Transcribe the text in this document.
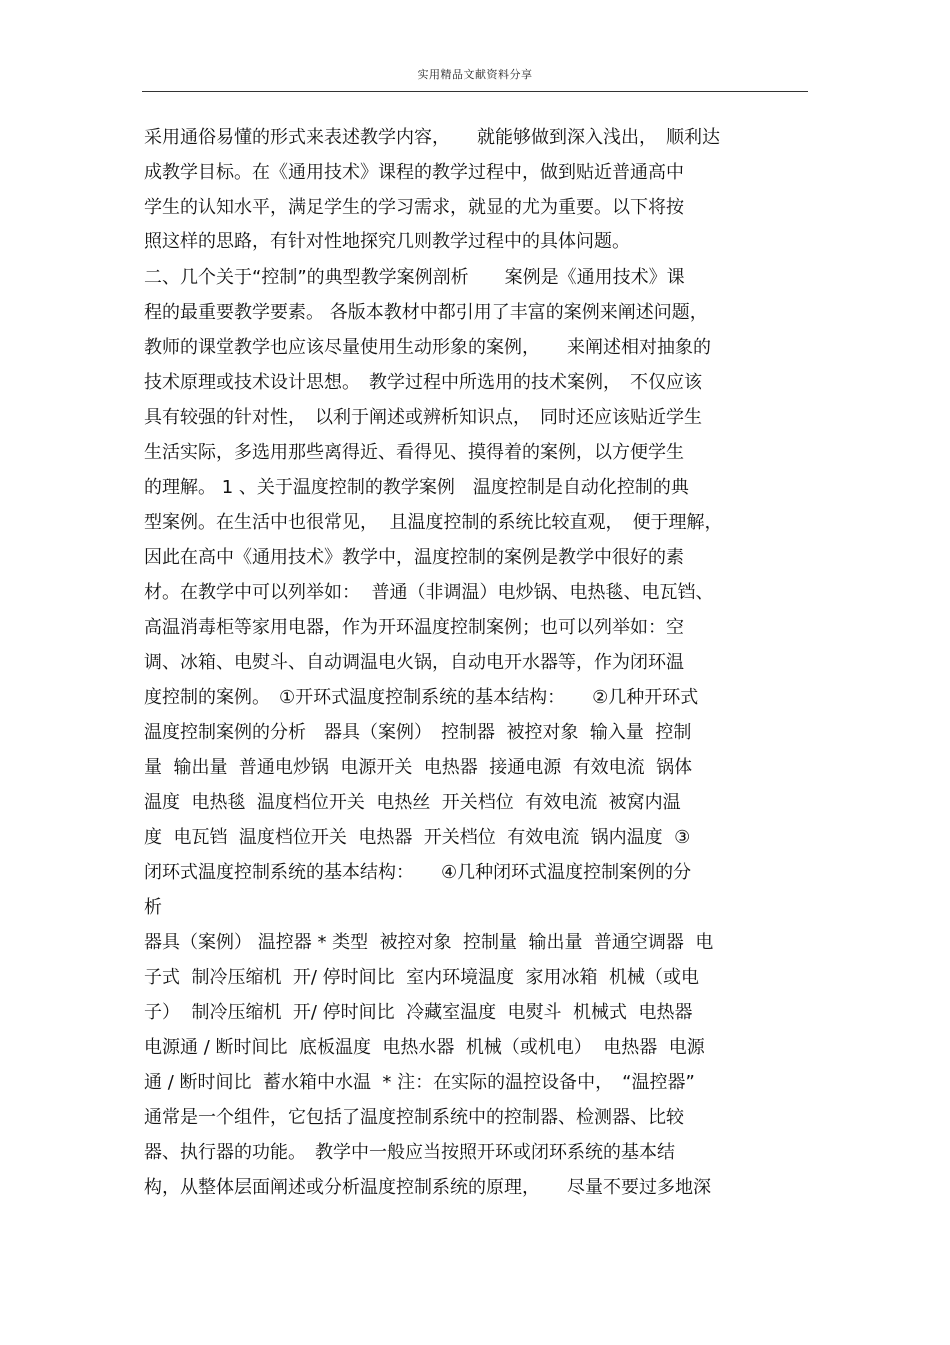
实用精品文献资料分享
采用通俗易懂的形式来表述教学内容，　　就能够做到深入浅出，　顺利达
成教学目标。在《通用技术》课程的教学过程中，做到贴近普通高中
学生的认知水平，满足学生的学习需求，就显的尤为重要。以下将按
照这样的思路，有针对性地探究几则教学过程中的具体问题。
二、几个关于“控制”的典型教学案例剖析　　案例是《通用技术》课
程的最重要教学要素。 各版本教材中都引用了丰富的案例来阐述问题，
教师的课堂教学也应该尽量使用生动形象的案例，　　来阐述相对抽象的
技术原理或技术设计思想。　教学过程中所选用的技术案例，　不仅应该
具有较强的针对性，　以利于阐述或辨析知识点，　同时还应该贴近学生
生活实际，多选用那些离得近、看得见、摸得着的案例，以方便学生
的理解。 1 、关于温度控制的教学案例　温度控制是自动化控制的典
型案例。在生活中也很常见，  且温度控制的系统比较直观，　便于理解，
因此在高中《通用技术》教学中，温度控制的案例是教学中很好的素
材。在教学中可以列举如：  普通（非调温）电炒锅、电热毯、电瓦铛、
高温消毒柜等家用电器，作为开环温度控制案例；也可以列举如：空
调、冰箱、电熨斗、自动调温电火锅，自动电开水器等，作为闭环温
度控制的案例。　①开环式温度控制系统的基本结构：　　②几种开环式
温度控制案例的分析　器具（案例）　控制器  被控对象  输入量  控制
量  输出量  普通电炒锅  电源开关  电热器  接通电源  有效电流  锅体
温度  电热毯  温度档位开关  电热丝  开关档位  有效电流  被窝内温
度  电瓦铛  温度档位开关  电热器  开关档位  有效电流  锅内温度  ③
闭环式温度控制系统的基本结构：　　④几种闭环式温度控制案例的分
析
器具（案例） 温控器 * 类型  被控对象  控制量  输出量  普通空调器  电
子式  制冷压缩机  开/ 停时间比  室内环境温度  家用冰箱  机械（或电
子）  制冷压缩机  开/ 停时间比  冷藏室温度  电熨斗  机械式  电热器
电源通 / 断时间比  底板温度  电热水器  机械（或机电）  电热器  电源
通 / 断时间比  蓄水箱中水温  * 注：在实际的温控设备中，　“温控器”
通常是一个组件，它包括了温度控制系统中的控制器、检测器、比较
器、执行器的功能。　教学中一般应当按照开环或闭环系统的基本结
构，从整体层面阐述或分析温度控制系统的原理，　　尽量不要过多地深
